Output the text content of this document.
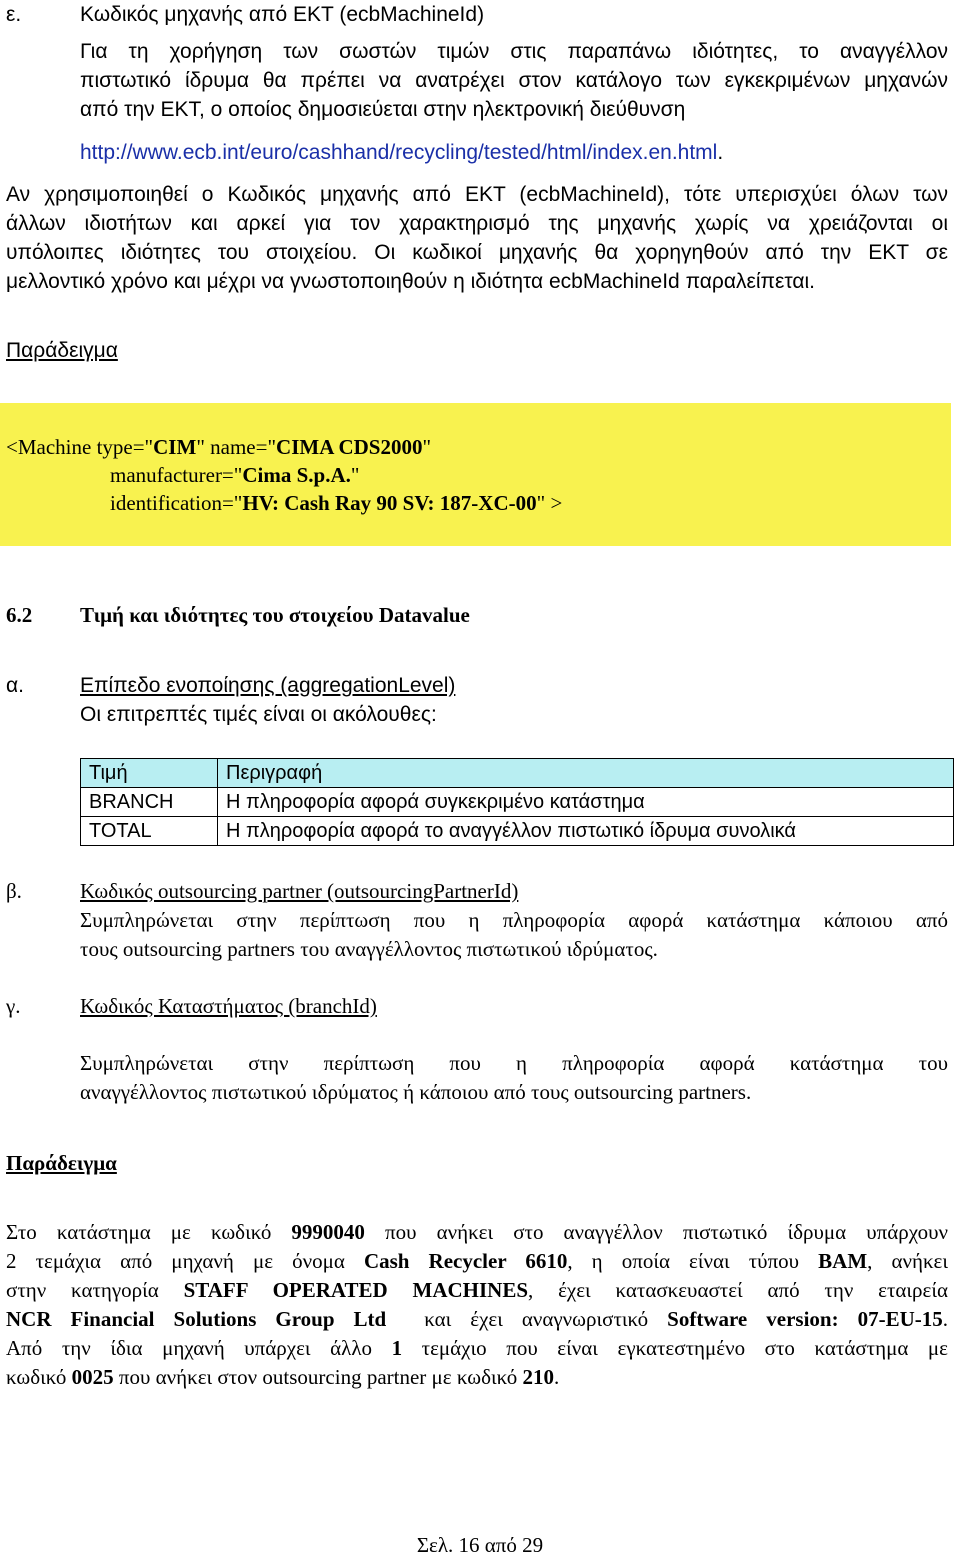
ε.	Κωδικός μηχανής από ΕΚΤ (ecbMachineId)
Για τη χορήγηση των σωστών τιμών στις παραπάνω ιδιότητες, το αναγγέλλον
πιστωτικό ίδρυμα θα πρέπει να ανατρέχει στον κατάλογο των εγκεκριμένων μηχανών
από την ΕΚΤ, ο οποίος δημοσιεύεται στην ηλεκτρονική διεύθυνση
http://www.ecb.int/euro/cashhand/recycling/tested/html/index.en.html.
Αν χρησιμοποιηθεί ο Κωδικός μηχανής από ΕΚΤ (ecbMachineId), τότε υπερισχύει όλων των
άλλων ιδιοτήτων και αρκεί για τον χαρακτηρισμό της μηχανής χωρίς να χρειάζονται οι
υπόλοιπες ιδιότητες του στοιχείου. Οι κωδικοί μηχανής θα χορηγηθούν από την ΕΚΤ σε
μελλοντικό χρόνο και μέχρι να γνωστοποιηθούν η ιδιότητα ecbMachineId παραλείπεται.
Παράδειγμα
<Machine type="CIM" name="CIMA CDS2000"
manufacturer="Cima S.p.A."
identification="HV: Cash Ray 90 SV: 187-XC-00" >
6.2 Τιμή και ιδιότητες του στοιχείου Datavalue
α.	Επίπεδο ενοποίησης (aggregationLevel)
Οι επιτρεπτές τιμές είναι οι ακόλουθες:
Τιμή	Περιγραφή
BRANCH	Η πληροφορία αφορά συγκεκριμένο κατάστημα
TOTAL	Η πληροφορία αφορά το αναγγέλλον πιστωτικό ίδρυμα συνολικά
β.	Κωδικός outsourcing partner (outsourcingPartnerId)
Συμπληρώνεται στην περίπτωση που η πληροφορία αφορά κατάστημα κάποιου από
τους outsourcing partners του αναγγέλλοντος πιστωτικού ιδρύματος.
γ.	Κωδικός Καταστήματος (branchId)
Συμπληρώνεται στην περίπτωση που η πληροφορία αφορά κατάστημα του
αναγγέλλοντος πιστωτικού ιδρύματος ή κάποιου από τους outsourcing partners.
Παράδειγμα
Στο κατάστημα με κωδικό 9990040 που ανήκει στο αναγγέλλον πιστωτικό ίδρυμα υπάρχουν
2 τεμάχια από μηχανή με όνομα Cash Recycler 6610, η οποία είναι τύπου BAM, ανήκει
στην κατηγορία STAFF OPERATED MACHINES, έχει κατασκευαστεί από την εταιρεία
NCR Financial Solutions Group Ltd  και έχει αναγνωριστικό Software version: 07-EU-15.
Από την ίδια μηχανή υπάρχει άλλο 1 τεμάχιο που είναι εγκατεστημένο στο κατάστημα με
κωδικό 0025 που ανήκει στον outsourcing partner με κωδικό 210.
Σελ. 16 από 29
